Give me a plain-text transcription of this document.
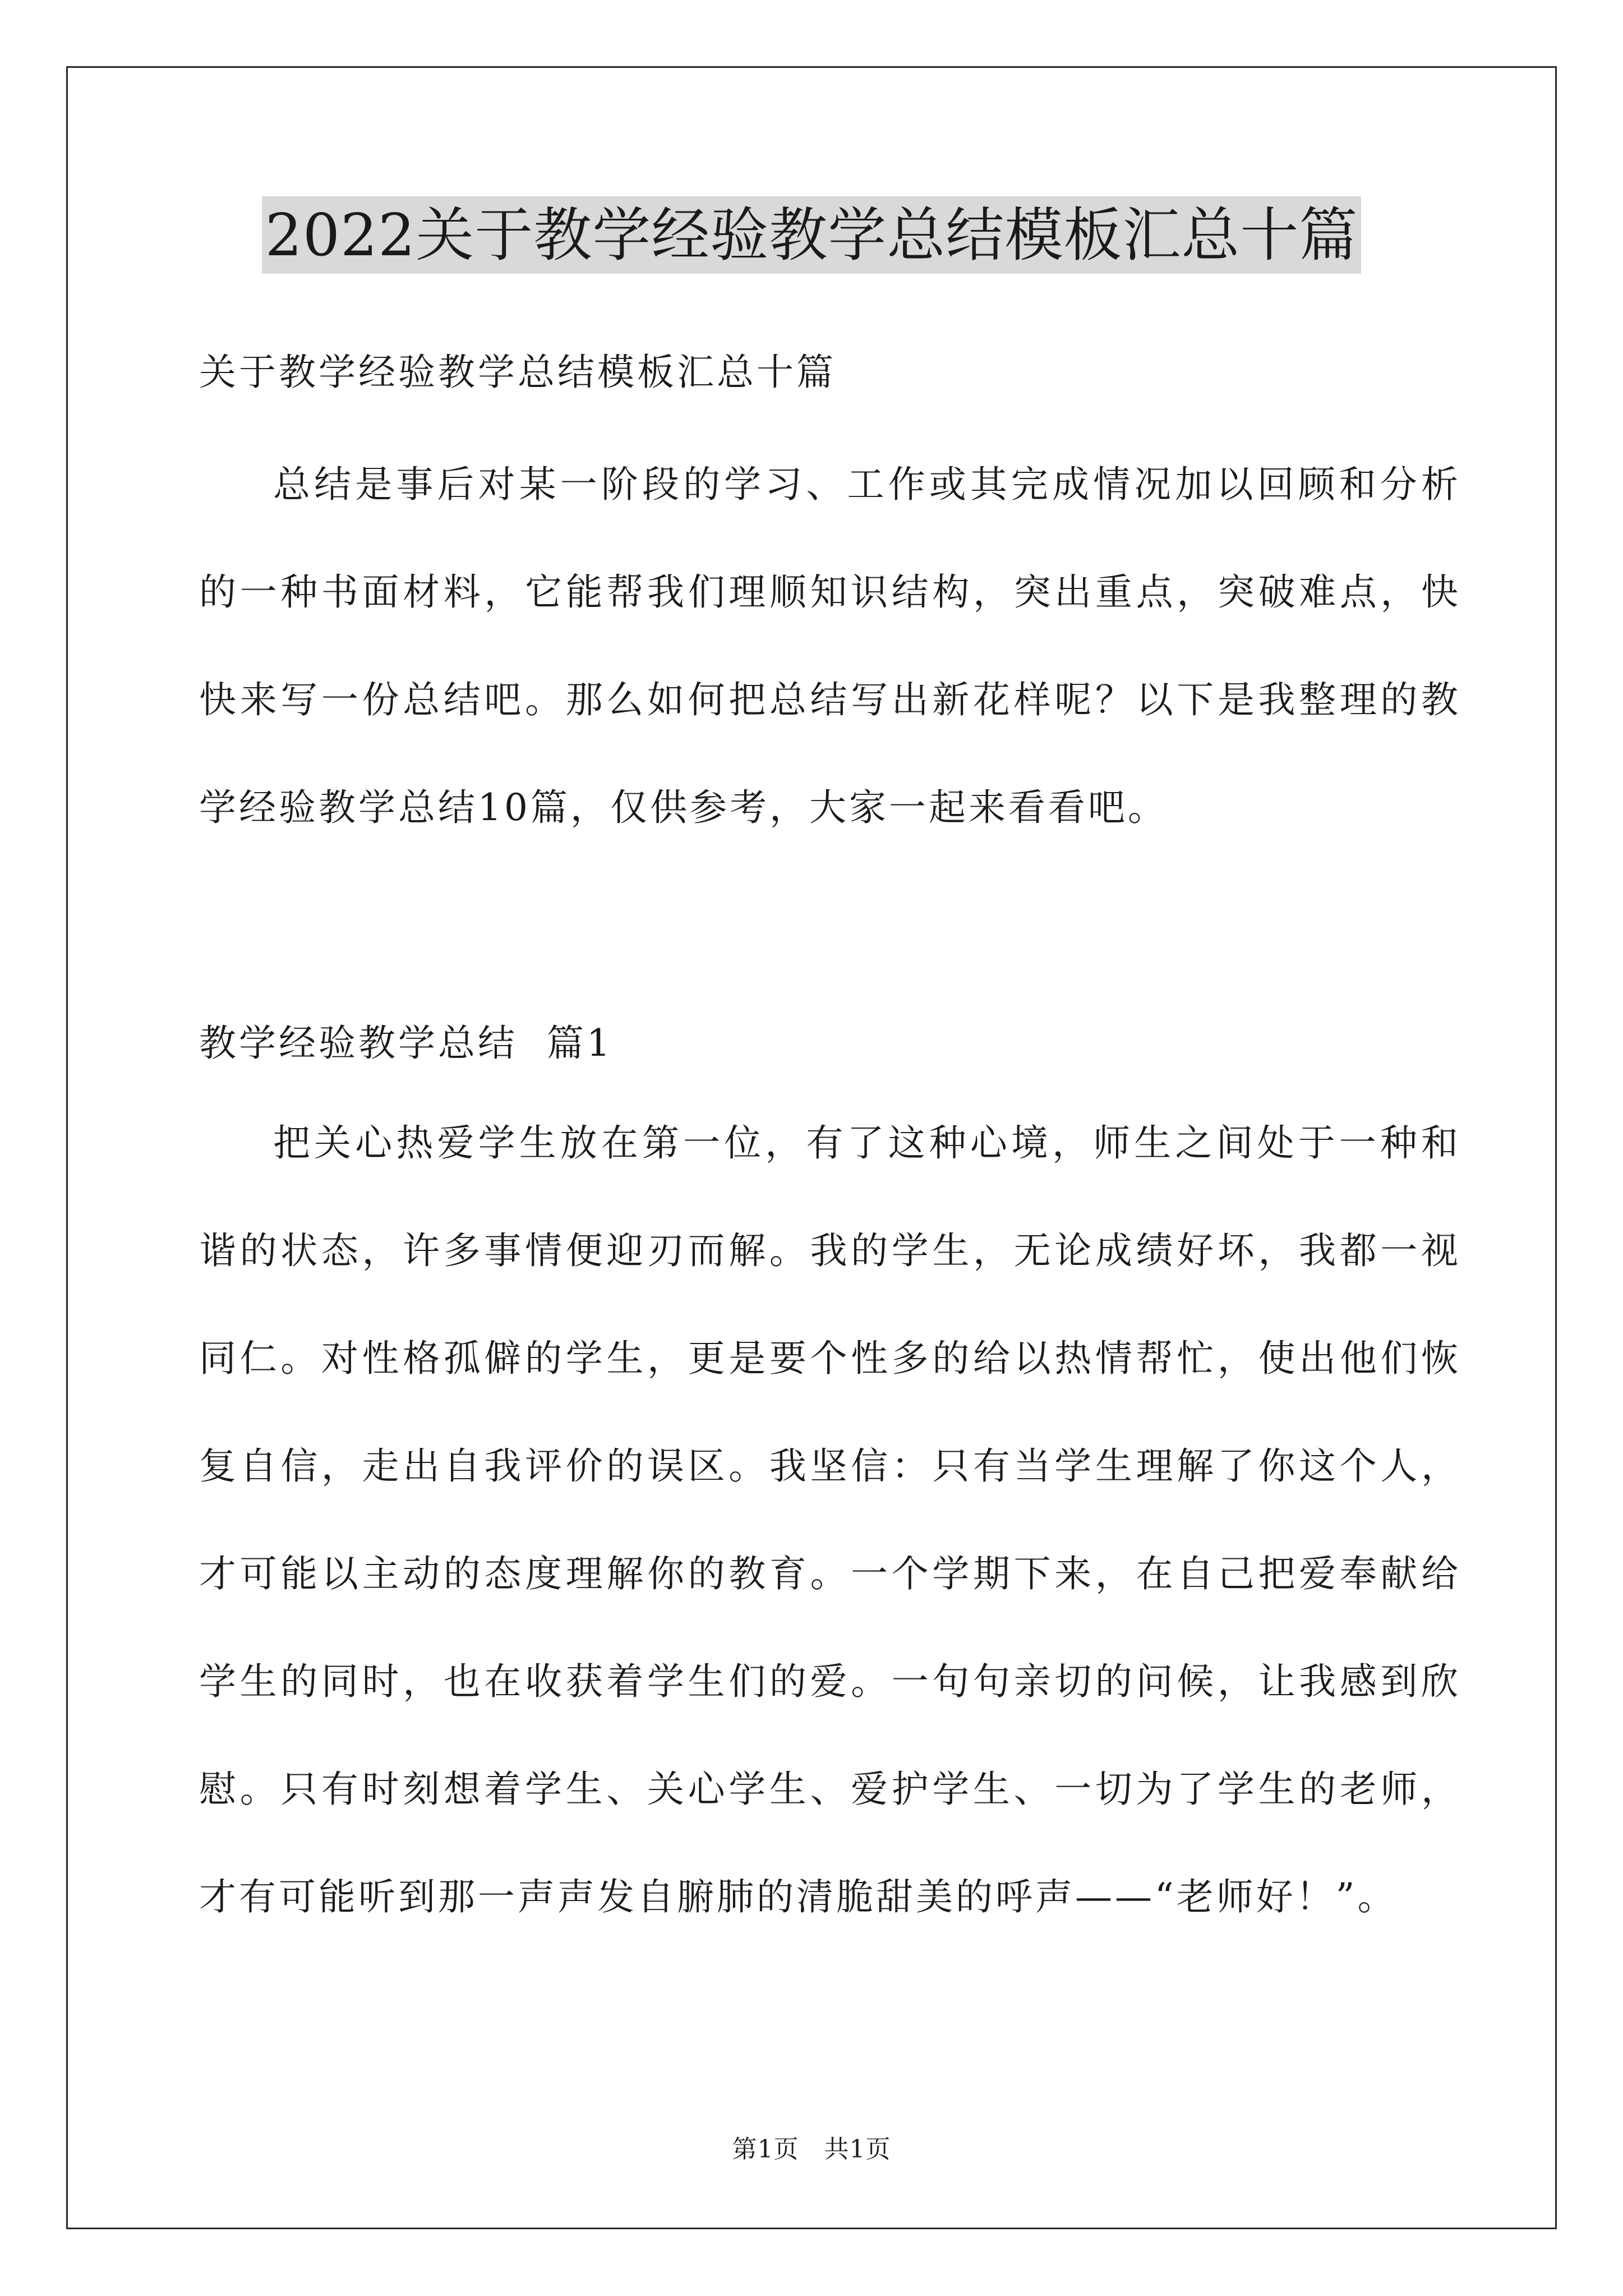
2022关于教学经验教学总结模板汇总十篇

关于教学经验教学总结模板汇总十篇

总结是事后对某一阶段的学习、工作或其完成情况加以回顾和分析的一种书面材料，它能帮我们理顺知识结构，突出重点，突破难点，快快来写一份总结吧。那么如何把总结写出新花样呢？以下是我整理的教学经验教学总结10篇，仅供参考，大家一起来看看吧。

教学经验教学总结  篇1

把关心热爱学生放在第一位，有了这种心境，师生之间处于一种和谐的状态，许多事情便迎刃而解。我的学生，无论成绩好坏，我都一视同仁。对性格孤僻的学生，更是要个性多的给以热情帮忙，使出他们恢复自信，走出自我评价的误区。我坚信：只有当学生理解了你这个人，才可能以主动的态度理解你的教育。一个学期下来，在自己把爱奉献给学生的同时，也在收获着学生们的爱。一句句亲切的问候，让我感到欣慰。只有时刻想着学生、关心学生、爱护学生、一切为了学生的老师，才有可能听到那一声声发自腑肺的清脆甜美的呼声——“老师好！”。

第1页　共1页
